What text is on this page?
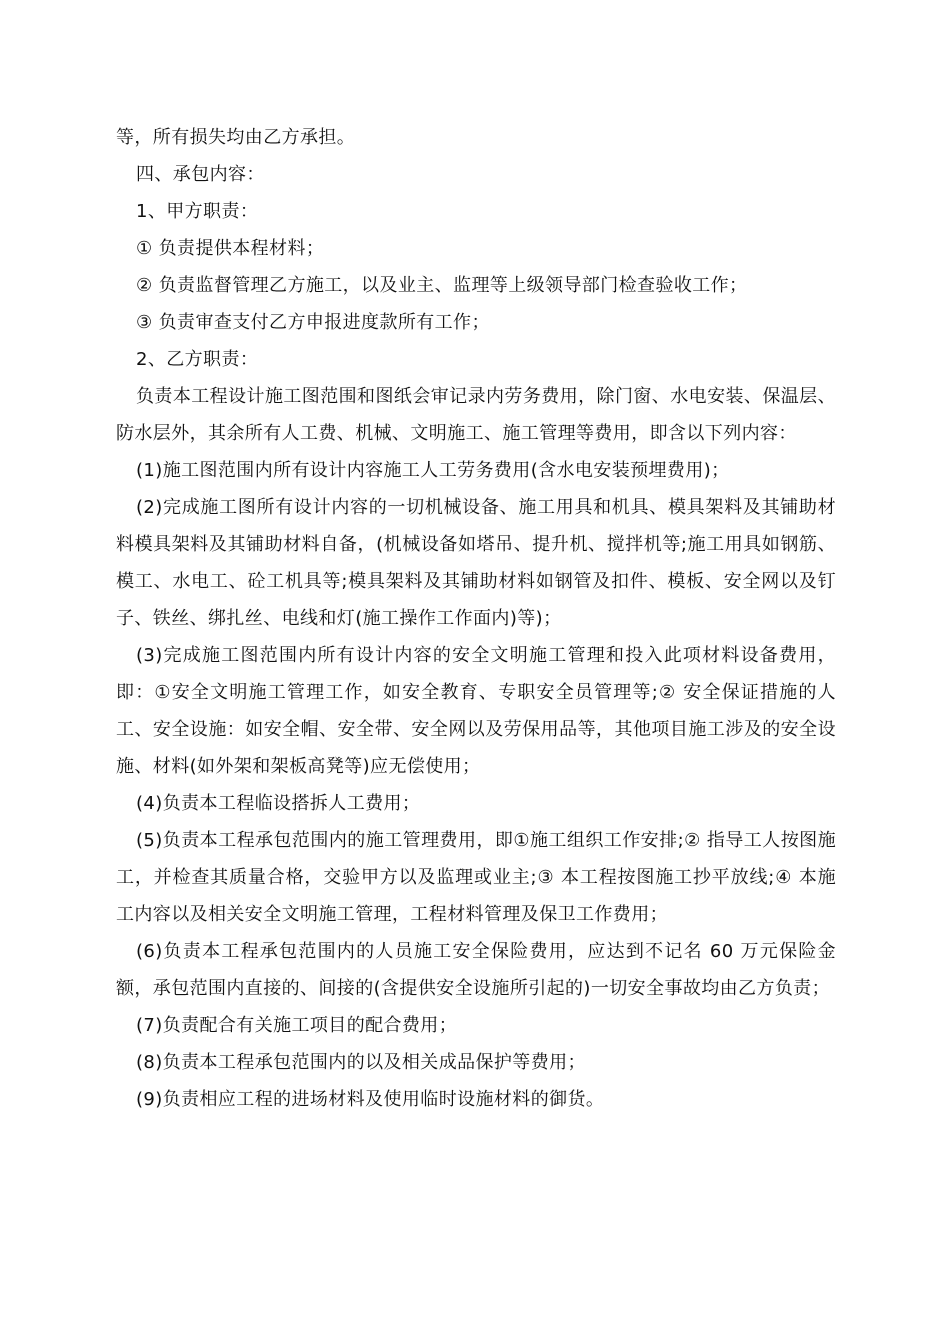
等，所有损失均由乙方承担。

四、承包内容：

1、甲方职责：

① 负责提供本程材料；

② 负责监督管理乙方施工，以及业主、监理等上级领导部门检查验收工作；

③ 负责审查支付乙方申报进度款所有工作；

2、乙方职责：

负责本工程设计施工图范围和图纸会审记录内劳务费用，除门窗、水电安装、保温层、防水层外，其余所有人工费、机械、文明施工、施工管理等费用，即含以下列内容：

(1)施工图范围内所有设计内容施工人工劳务费用(含水电安装预埋费用)；

(2)完成施工图所有设计内容的一切机械设备、施工用具和机具、模具架料及其铺助材料模具架料及其铺助材料自备，(机械设备如塔吊、提升机、搅拌机等;施工用具如钢筋、模工、水电工、砼工机具等;模具架料及其铺助材料如钢管及扣件、模板、安全网以及钉子、铁丝、绑扎丝、电线和灯(施工操作工作面内)等)；

(3)完成施工图范围内所有设计内容的安全文明施工管理和投入此项材料设备费用，即：①安全文明施工管理工作，如安全教育、专职安全员管理等;② 安全保证措施的人工、安全设施：如安全帽、安全带、安全网以及劳保用品等，其他项目施工涉及的安全设施、材料(如外架和架板高凳等)应无偿使用；

(4)负责本工程临设搭拆人工费用；

(5)负责本工程承包范围内的施工管理费用，即①施工组织工作安排;② 指导工人按图施工，并检查其质量合格，交验甲方以及监理或业主;③ 本工程按图施工抄平放线;④ 本施工内容以及相关安全文明施工管理，工程材料管理及保卫工作费用；

(6)负责本工程承包范围内的人员施工安全保险费用，应达到不记名 60 万元保险金额，承包范围内直接的、间接的(含提供安全设施所引起的)一切安全事故均由乙方负责；

(7)负责配合有关施工项目的配合费用；

(8)负责本工程承包范围内的以及相关成品保护等费用；

(9)负责相应工程的进场材料及使用临时设施材料的御货。
